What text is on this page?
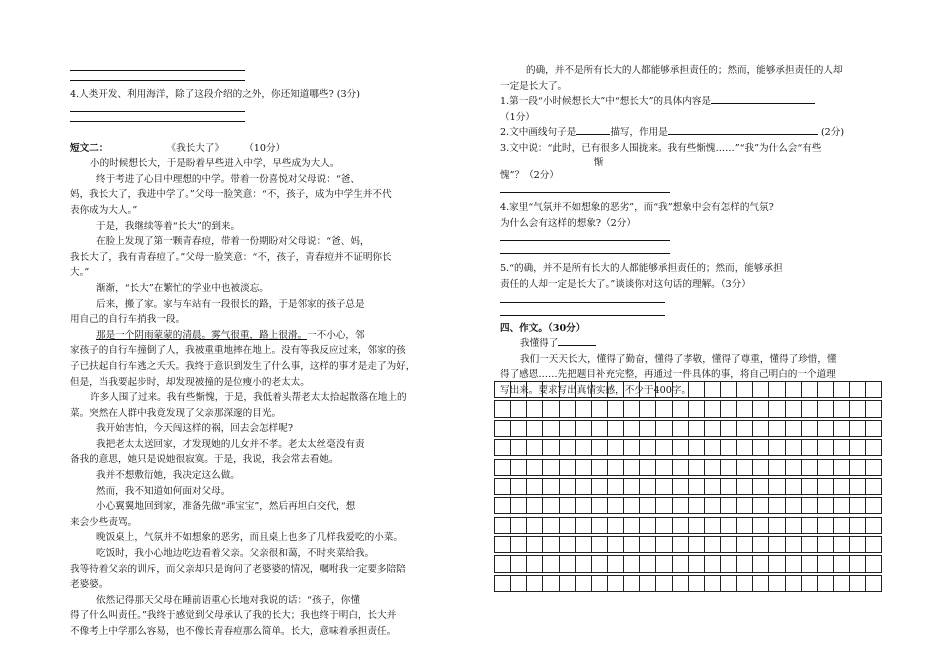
4.人类开发、利用海洋，除了这段介绍的之外，你还知道哪些? (3分)
短文二：	《我长大了》 （10分）
小的时候想长大，于是盼着早些进入中学，早些成为大人。
终于考进了心目中理想的中学。带着一份喜悦对父母说：“爸、
妈，我长大了，我进中学了。”父母一脸笑意：“不，孩子，成为中学生并不代
表你成为大人。”
于是，我继续等着“长大”的到来。
在脸上发现了第一颗青春痘，带着一份期盼对父母说：“爸、妈，
我长大了，我有青春痘了。”父母一脸笑意：“不，孩子，青春痘并不证明你长
大。”
渐渐，“长大”在繁忙的学业中也被淡忘。
后来，搬了家。家与车站有一段很长的路，于是邻家的孩子总是
用自己的自行车捎我一段。
那是一个阴雨蒙蒙的清晨。雾气很重，路上很滑。一不小心，邻
家孩子的自行车撞倒了人，我被重重地摔在地上。没有等我反应过来，邻家的孩
子已扶起自行车逃之夭夭。我终于意识到发生了什么事，这样的事才是走了为好，
但是，当我要起步时，却发现被撞的是位瘦小的老太太。
许多人围了过来。我有些惭愧，于是，我低着头帮老太太拾起散落在地上的
菜。突然在人群中我竟发现了父亲那深邃的目光。
我开始害怕，今天闯这样的祸，回去会怎样呢?
我把老太太送回家，才发现她的儿女并不孝。老太太丝毫没有责
备我的意思，她只是说她很寂寞。于是，我说，我会常去看她。
我并不想敷衍她，我决定这么做。
然而，我不知道如何面对父母。
小心翼翼地回到家，准备先做“乖宝宝”，然后再坦白交代，想
来会少些责骂。
晚饭桌上，气氛并不如想象的恶劣，而且桌上也多了几样我爱吃的小菜。
吃饭时，我小心地边吃边看着父亲。父亲很和蔼，不时夹菜给我。
我等待着父亲的训斥，而父亲却只是询问了老婆婆的情况，嘱咐我一定要多陪陪
老婆婆。
依然记得那天父母在睡前语重心长地对我说的话：“孩子，你懂
得了什么叫责任。”我终于感觉到父母承认了我的长大；我也终于明白，长大并
不像考上中学那么容易，也不像长青春痘那么简单。长大，意味着承担责任。
的确，并不是所有长大的人都能够承担责任的；然而，能够承担责任的人却
一定是长大了。
1.第一段“小时候想长大”中“想长大”的具体内容是
（1分）
2.文中画线句子是	描写，作用是	(2分)
3.文中说：“此时，已有很多人围拢来。我有些惭愧……”“我”为什么会“有些
惭
愧”？（2分）
4.家里“气氛并不如想象的恶劣”，而“我”想象中会有怎样的气氛?
为什么会有这样的想象?（2分）
5.“的确，并不是所有长大的人都能够承担责任的；然而，能够承担
责任的人却一定是长大了。”谈谈你对这句话的理解。（3分）
四、作文。（30分）
我懂得了
我们一天天长大，懂得了勤奋，懂得了孝敬，懂得了尊重，懂得了珍惜，懂
得了感恩……先把题目补充完整，再通过一件具体的事，将自己明白的一个道理
写出来。要求写出真情实感，不少于400字。
